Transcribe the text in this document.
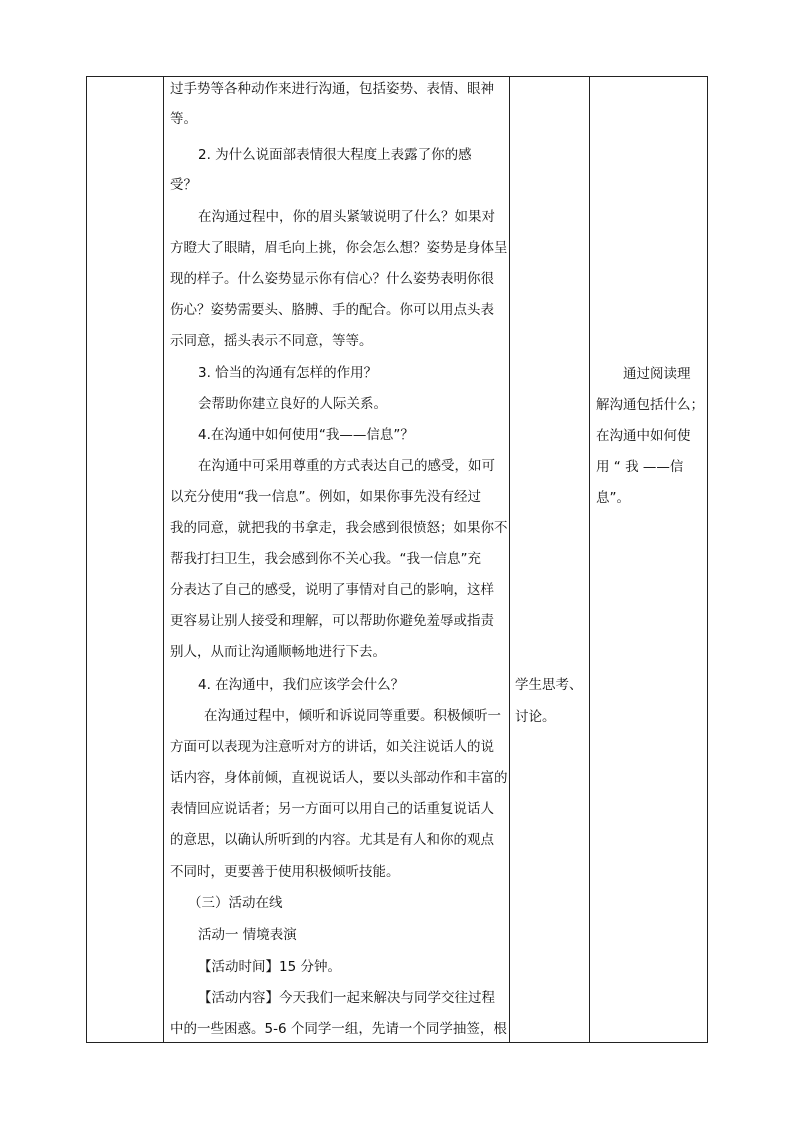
过手势等各种动作来进行沟通，包括姿势、表情、眼神
等。
2. 为什么说面部表情很大程度上表露了你的感
受？
在沟通过程中，你的眉头紧皱说明了什么？如果对
方瞪大了眼睛，眉毛向上挑，你会怎么想？姿势是身体呈
现的样子。什么姿势显示你有信心？什么姿势表明你很
伤心？姿势需要头、胳膊、手的配合。你可以用点头表
示同意，摇头表示不同意，等等。
3. 恰当的沟通有怎样的作用？
会帮助你建立良好的人际关系。
4.在沟通中如何使用“我——信息”？
在沟通中可采用尊重的方式表达自己的感受，如可
以充分使用“我一信息”。例如，如果你事先没有经过
我的同意，就把我的书拿走，我会感到很愤怒；如果你不
帮我打扫卫生，我会感到你不关心我。“我一信息”充
分表达了自己的感受，说明了事情对自己的影响，这样
更容易让别人接受和理解，可以帮助你避免羞辱或指责
别人，从而让沟通顺畅地进行下去。
4. 在沟通中，我们应该学会什么？
在沟通过程中，倾听和诉说同等重要。积极倾听一
方面可以表现为注意听对方的讲话，如关注说话人的说
话内容，身体前倾，直视说话人，要以头部动作和丰富的
表情回应说话者；另一方面可以用自己的话重复说话人
的意思，以确认所听到的内容。尤其是有人和你的观点
不同时，更要善于使用积极倾听技能。
（三）活动在线
活动一 情境表演
【活动时间】15 分钟。
【活动内容】今天我们一起来解决与同学交往过程
中的一些困惑。5-6 个同学一组，先请一个同学抽签，根
学生思考、
讨论。
通过阅读理
解沟通包括什么；
在沟通中如何使
用 “ 我 ——信
息”。
